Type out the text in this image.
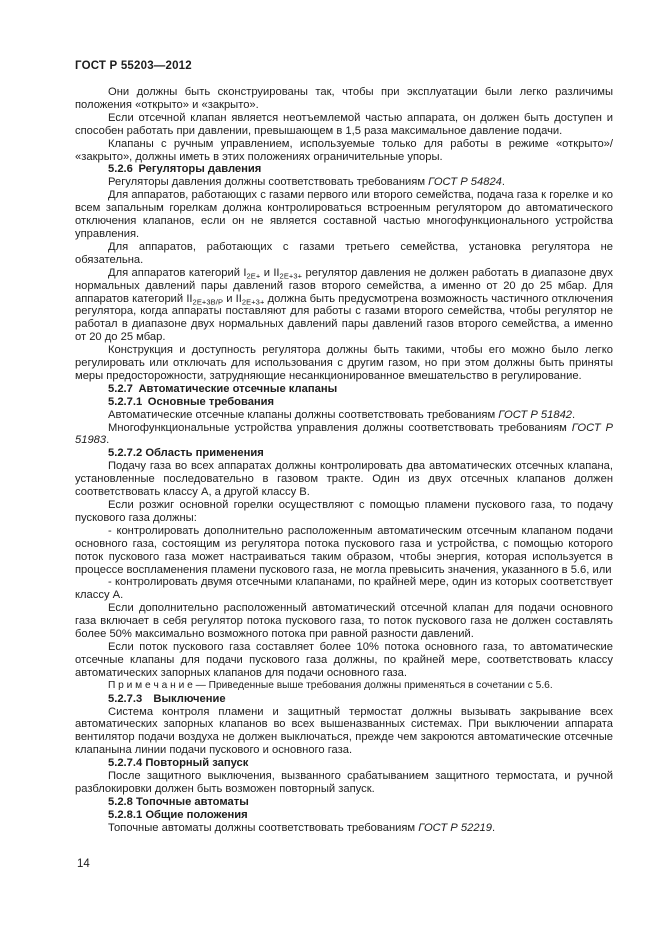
ГОСТ Р 55203—2012

Они должны быть сконструированы так, чтобы при эксплуатации были легко различимы положения «открыто» и «закрыто».

Если отсечной клапан является неотъемлемой частью аппарата, он должен быть доступен и способен работать при давлении, превышающем в 1,5 раза максимальное давление подачи.

Клапаны с ручным управлением, используемые только для работы в режиме «открыто»/ «закрыто», должны иметь в этих положениях ограничительные упоры.

5.2.6 Регуляторы давления

Регуляторы давления должны соответствовать требованиям ГОСТ Р 54824.

Для аппаратов, работающих с газами первого или второго семейства, подача газа к горелке и ко всем запальным горелкам должна контролироваться встроенным регулятором до автоматического отключения клапанов, если он не является составной частью многофункционального устройства управления.

Для аппаратов, работающих с газами третьего семейства, установка регулятора не обязательна.

Для аппаратов категорий $I_{2Е+}$ и $II_{2Е+3+}$ регулятор давления не должен работать в диапазоне двух нормальных давлений пары давлений газов второго семейства, а именно от 20 до 25 мбар. Для аппаратов категорий $II_{2Е+3В/Р}$ и $II_{2Е+3+}$ должна быть предусмотрена возможность частичного отключения регулятора, когда аппараты поставляют для работы с газами второго семейства, чтобы регулятор не работал в диапазоне двух нормальных давлений пары давлений газов второго семейства, а именно от 20 до 25 мбар.

Конструкция и доступность регулятора должны быть такими, чтобы его можно было легко регулировать или отключать для использования с другим газом, но при этом должны быть приняты меры предосторожности, затрудняющие несанкционированное вмешательство в регулирование.

5.2.7 Автоматические отсечные клапаны

5.2.7.1 Основные требования

Автоматические отсечные клапаны должны соответствовать требованиям ГОСТ Р 51842.

Многофункциональные устройства управления должны соответствовать требованиям ГОСТ Р 51983.

5.2.7.2 Область применения

Подачу газа во всех аппаратах должны контролировать два автоматических отсечных клапана, установленные последовательно в газовом тракте. Один из двух отсечных клапанов должен соответствовать классу А, а другой классу В.

Если розжиг основной горелки осуществляют с помощью пламени пускового газа, то подачу пускового газа должны:

- контролировать дополнительно расположенным автоматическим отсечным клапаном подачи основного газа, состоящим из регулятора потока пускового газа и устройства, с помощью которого поток пускового газа может настраиваться таким образом, чтобы энергия, которая используется в процессе воспламенения пламени пускового газа, не могла превысить значения, указанного в 5.6, или

- контролировать двумя отсечными клапанами, по крайней мере, один из которых соответствует классу А.

Если дополнительно расположенный автоматический отсечной клапан для подачи основного газа включает в себя регулятор потока пускового газа, то поток пускового газа не должен составлять более 50% максимально возможного потока при равной разности давлений.

Если поток пускового газа составляет более 10% потока основного газа, то автоматические отсечные клапаны для подачи пускового газа должны, по крайней мере, соответствовать классу автоматических запорных клапанов для подачи основного газа.

П р и м е ч а н и е — Приведенные выше требования должны применяться в сочетании с 5.6.

5.2.7.3 Выключение

Система контроля пламени и защитный термостат должны вызывать закрывание всех автоматических запорных клапанов во всех вышеназванных системах. При выключении аппарата вентилятор подачи воздуха не должен выключаться, прежде чем закроются автоматические отсечные клапанына линии подачи пускового и основного газа.

5.2.7.4 Повторный запуск

После защитного выключения, вызванного срабатыванием защитного термостата, и ручной разблокировки должен быть возможен повторный запуск.

5.2.8 Топочные автоматы

5.2.8.1 Общие положения

Топочные автоматы должны соответствовать требованиям ГОСТ Р 52219.

14
